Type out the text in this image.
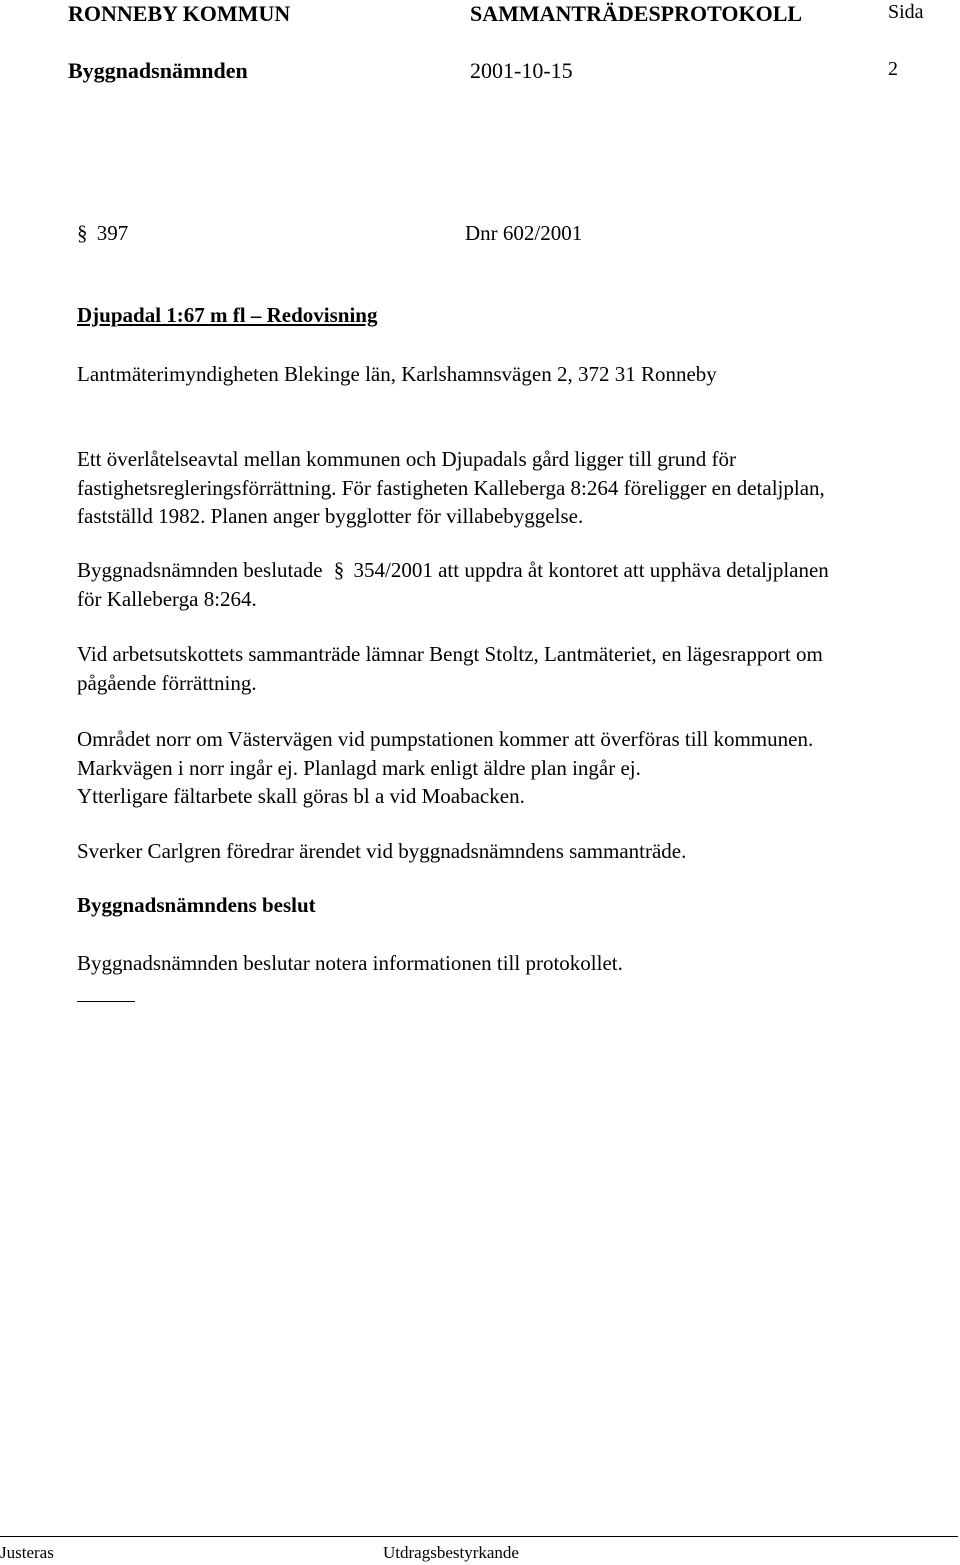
RONNEBY KOMMUN	SAMMANTRÄDESPROTOKOLL	Sida
Byggnadsnämnden	2001-10-15	2
§ 397	Dnr 602/2001
Djupadal 1:67 m fl – Redovisning
Lantmäterimyndigheten Blekinge län, Karlshamnsvägen 2, 372 31 Ronneby
Ett överlåtelseavtal mellan kommunen och Djupadals gård ligger till grund för
fastighetsregleringsförrättning. För fastigheten Kalleberga 8:264 föreligger en detaljplan,
fastställd 1982. Planen anger bygglotter för villabebyggelse.
Byggnadsnämnden beslutade § 354/2001 att uppdra åt kontoret att upphäva detaljplanen
för Kalleberga 8:264.
Vid arbetsutskottets sammanträde lämnar Bengt Stoltz, Lantmäteriet, en lägesrapport om
pågående förrättning.
Området norr om Västervägen vid pumpstationen kommer att överföras till kommunen.
Markvägen i norr ingår ej. Planlagd mark enligt äldre plan ingår ej.
Ytterligare fältarbete skall göras bl a vid Moabacken.
Sverker Carlgren föredrar ärendet vid byggnadsnämndens sammanträde.
Byggnadsnämndens beslut
Byggnadsnämnden beslutar notera informationen till protokollet.
Justeras	Utdragsbestyrkande
